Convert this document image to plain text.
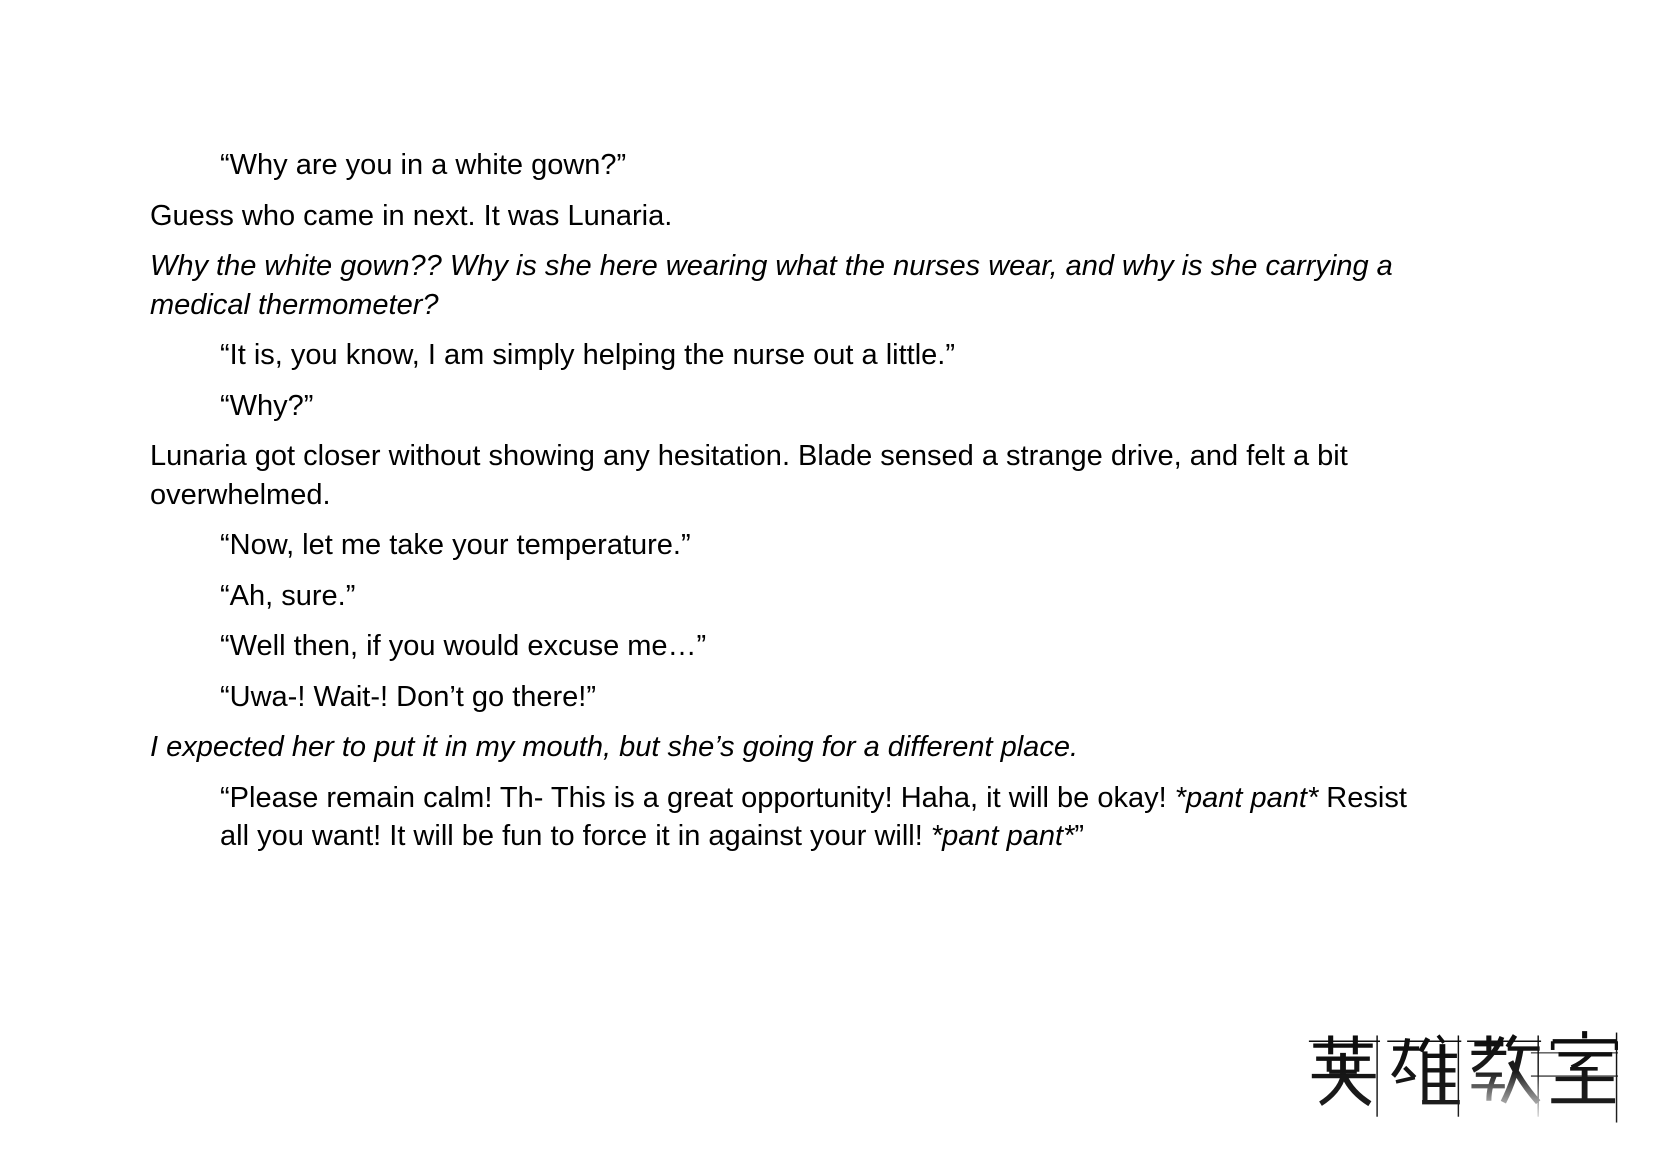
“Why are you in a white gown?”

Guess who came in next. It was Lunaria.

Why the white gown?? Why is she here wearing what the nurses wear, and why is she carrying a medical thermometer?

“It is, you know, I am simply helping the nurse out a little.”

“Why?”

Lunaria got closer without showing any hesitation. Blade sensed a strange drive, and felt a bit overwhelmed.

“Now, let me take your temperature.”

“Ah, sure.”

“Well then, if you would excuse me…”

“Uwa-! Wait-! Don’t go there!”

I expected her to put it in my mouth, but she’s going for a different place.

“Please remain calm! Th- This is a great opportunity! Haha, it will be okay! *pant pant* Resist all you want! It will be fun to force it in against your will! *pant pant*”
